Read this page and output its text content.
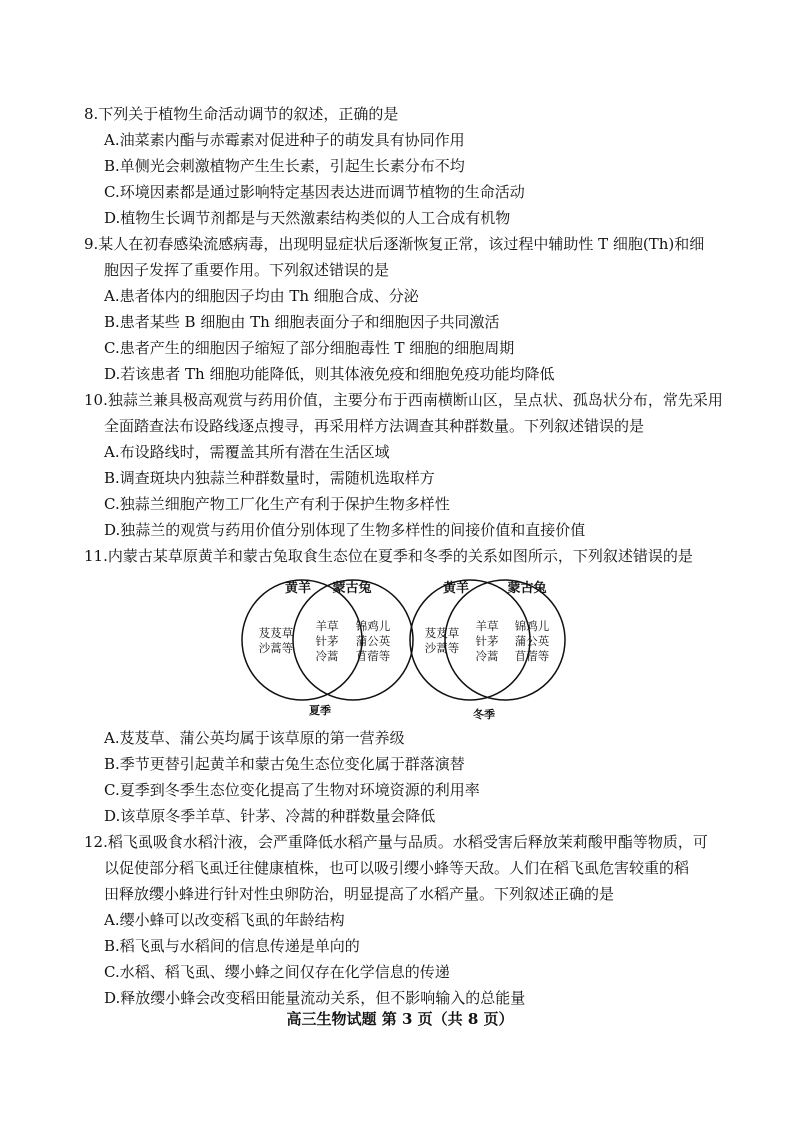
8.下列关于植物生命活动调节的叙述，正确的是
A.油菜素内酯与赤霉素对促进种子的萌发具有协同作用
B.单侧光会刺激植物产生生长素，引起生长素分布不均
C.环境因素都是通过影响特定基因表达进而调节植物的生命活动
D.植物生长调节剂都是与天然激素结构类似的人工合成有机物
9.某人在初春感染流感病毒，出现明显症状后逐渐恢复正常，该过程中辅助性 T 细胞(Th)和细
胞因子发挥了重要作用。下列叙述错误的是
A.患者体内的细胞因子均由 Th 细胞合成、分泌
B.患者某些 B 细胞由 Th 细胞表面分子和细胞因子共同激活
C.患者产生的细胞因子缩短了部分细胞毒性 T 细胞的细胞周期
D.若该患者 Th 细胞功能降低，则其体液免疫和细胞免疫功能均降低
10.独蒜兰兼具极高观赏与药用价值，主要分布于西南横断山区，呈点状、孤岛状分布，常先采用
全面踏查法布设路线逐点搜寻，再采用样方法调查其种群数量。下列叙述错误的是
A.布设路线时，需覆盖其所有潜在生活区域
B.调查斑块内独蒜兰种群数量时，需随机选取样方
C.独蒜兰细胞产物工厂化生产有利于保护生物多样性
D.独蒜兰的观赏与药用价值分别体现了生物多样性的间接价值和直接价值
11.内蒙古某草原黄羊和蒙古兔取食生态位在夏季和冬季的关系如图所示，下列叙述错误的是
黄羊 蒙古兔
芨芨草
沙蒿等
羊草
针茅
冷蒿
锦鸡儿
蒲公英
苜蓿等
夏季
黄羊	蒙古兔
芨芨草
沙蒿等
羊草
针茅
冷蒿
锦鸡儿
蒲公英
苜蓿等
冬季
A.芨芨草、蒲公英均属于该草原的第一营养级
B.季节更替引起黄羊和蒙古兔生态位变化属于群落演替
C.夏季到冬季生态位变化提高了生物对环境资源的利用率
D.该草原冬季羊草、针茅、冷蒿的种群数量会降低
12.稻飞虱吸食水稻汁液，会严重降低水稻产量与品质。水稻受害后释放茉莉酸甲酯等物质，可
以促使部分稻飞虱迁往健康植株，也可以吸引缨小蜂等天敌。人们在稻飞虱危害较重的稻
田释放缨小蜂进行针对性虫卵防治，明显提高了水稻产量。下列叙述正确的是
A.缨小蜂可以改变稻飞虱的年龄结构
B.稻飞虱与水稻间的信息传递是单向的
C.水稻、稻飞虱、缨小蜂之间仅存在化学信息的传递
D.释放缨小蜂会改变稻田能量流动关系，但不影响输入的总能量
高三生物试题 第 3 页（共 8 页）
